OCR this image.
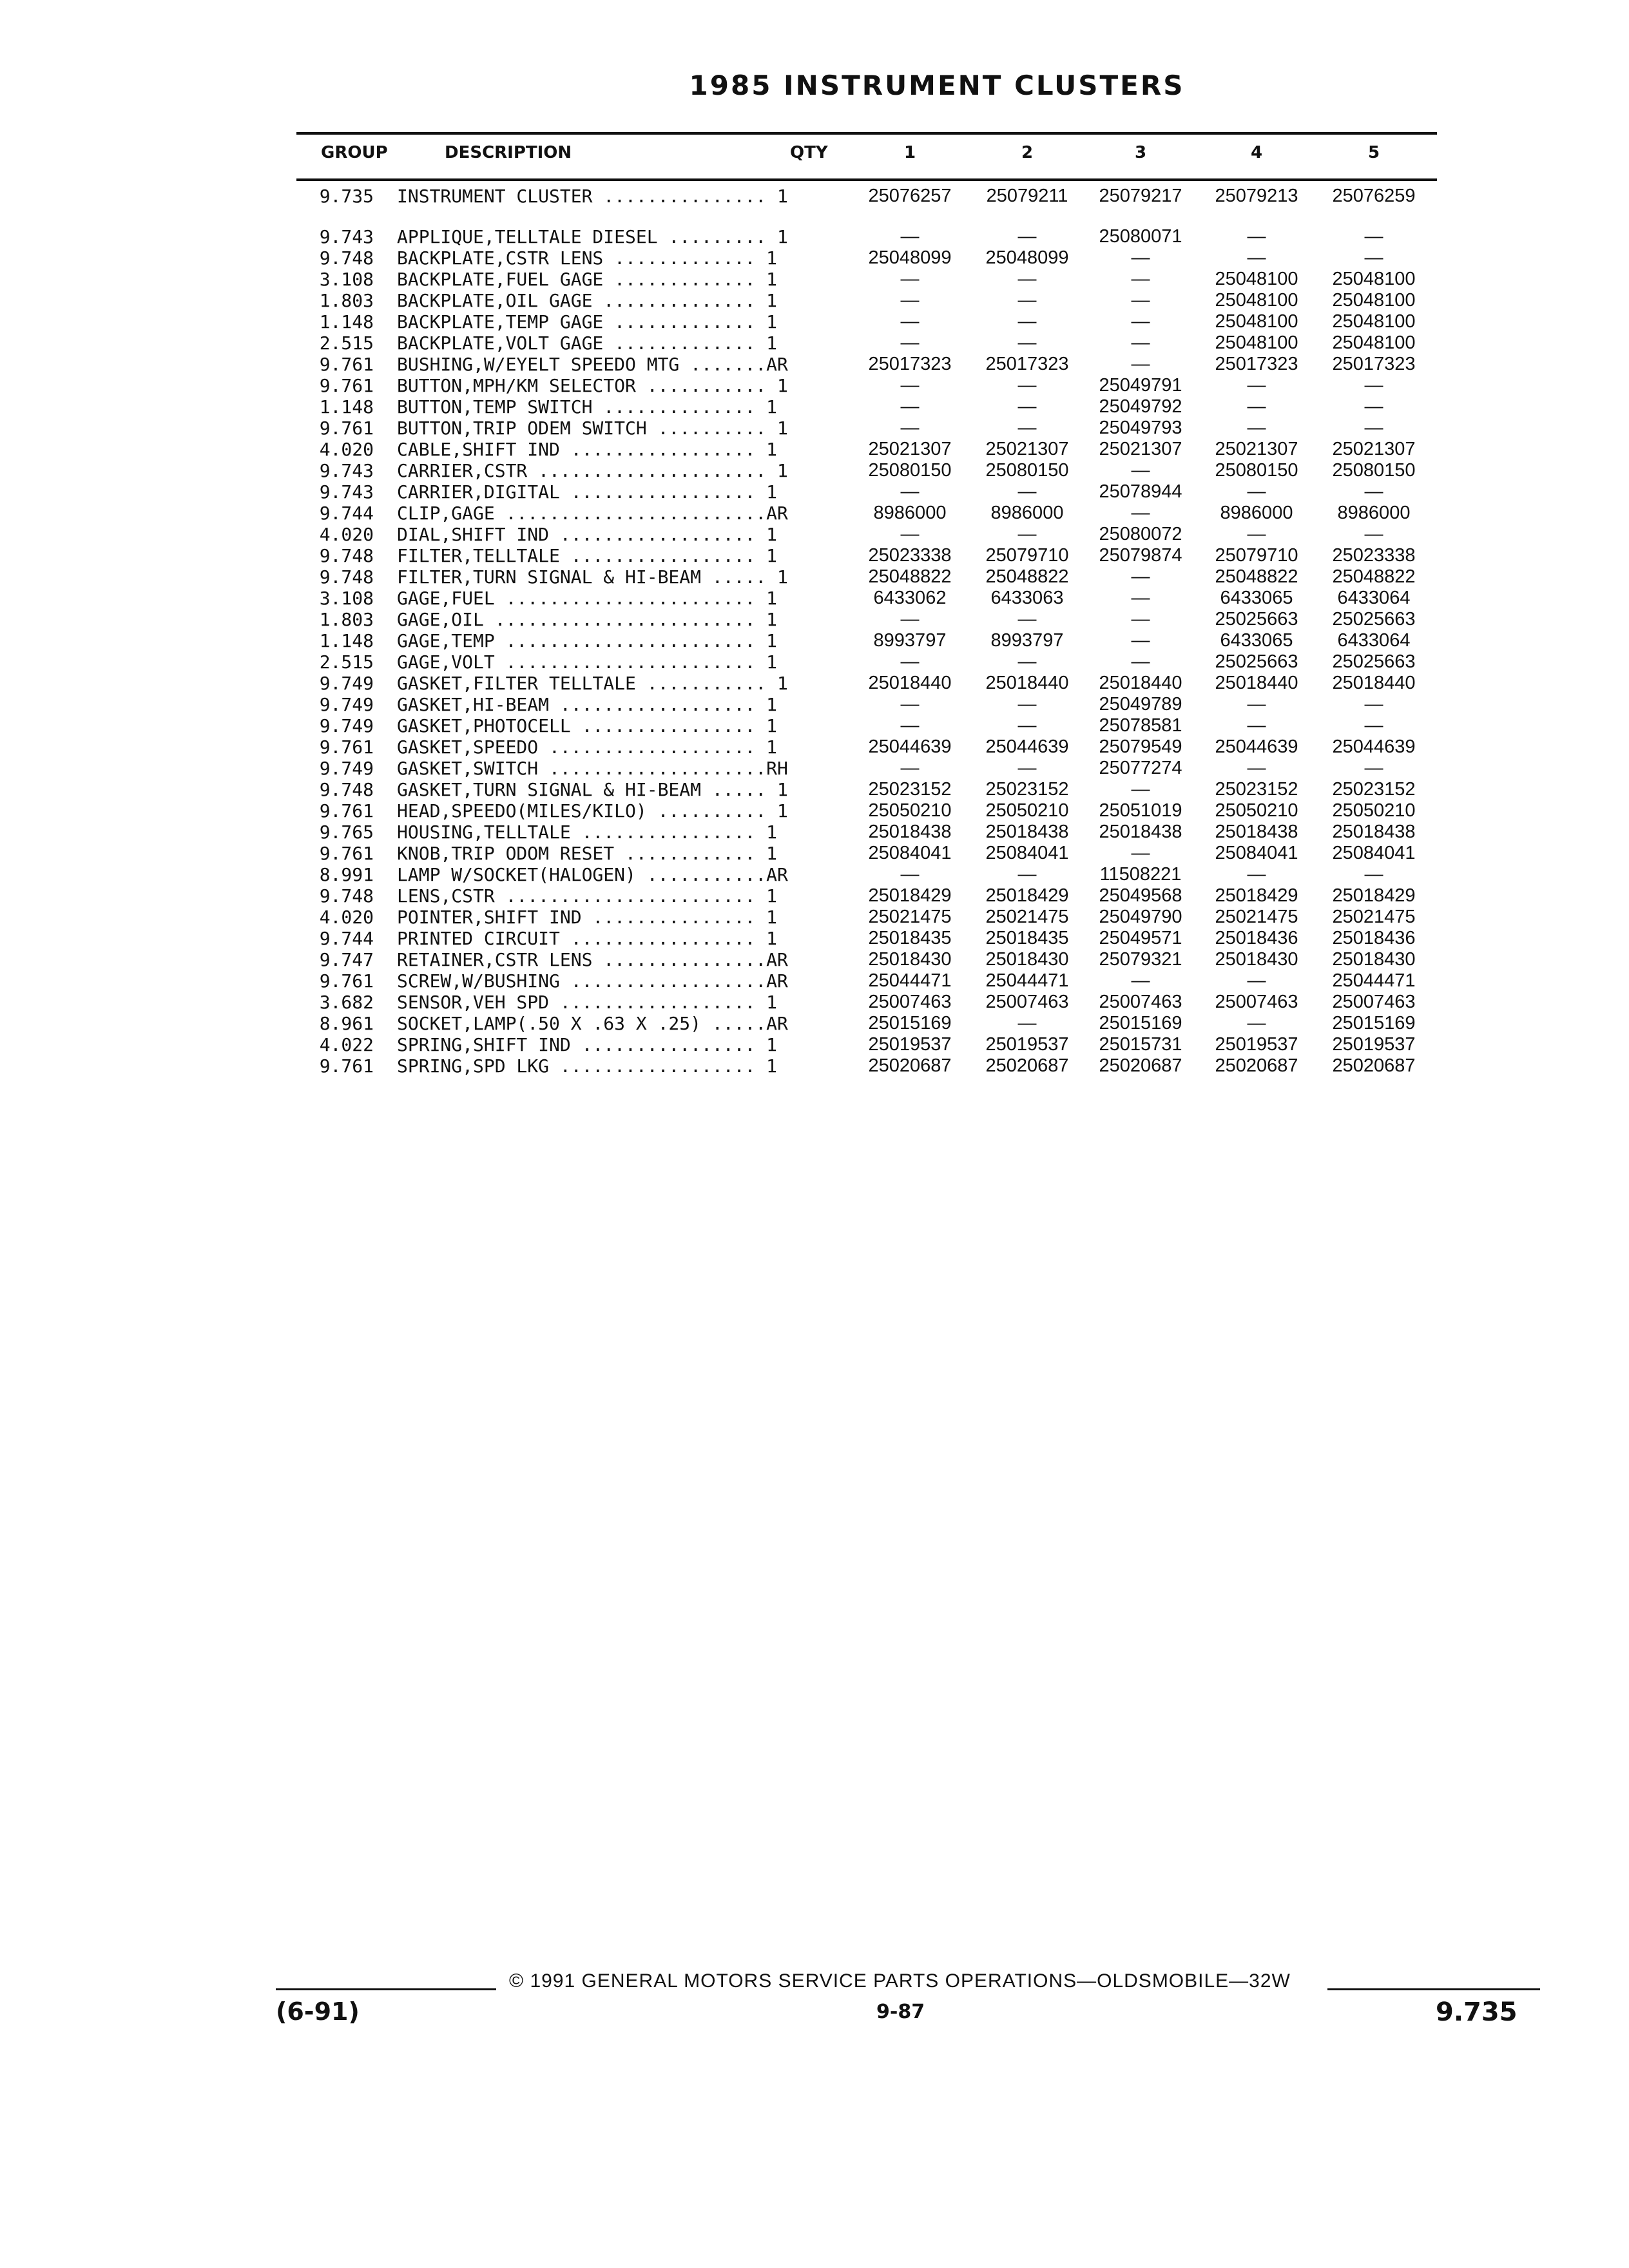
1985 INSTRUMENT CLUSTERS
GROUP	DESCRIPTION	QTY	1	2	3	4	5
9.735 INSTRUMENT CLUSTER ............... 1	25076257 25079211 25079217 25079213 25076259
9.743 APPLIQUE,TELLTALE DIESEL ......... 1	—	—	25080071	—	—
9.748 BACKPLATE,CSTR LENS ............. 1	25048099 25048099	—	—	—
3.108 BACKPLATE,FUEL GAGE ............. 1	—	—	—	25048100 25048100
1.803 BACKPLATE,OIL GAGE .............. 1	—	—	—	25048100 25048100
1.148 BACKPLATE,TEMP GAGE ............. 1	—	—	—	25048100 25048100
2.515 BACKPLATE,VOLT GAGE ............. 1	—	—	—	25048100 25048100
9.761 BUSHING,W/EYELT SPEEDO MTG .......AR	25017323 25017323	—	25017323 25017323
9.761 BUTTON,MPH/KM SELECTOR ........... 1	—	—	25049791	—	—
1.148 BUTTON,TEMP SWITCH .............. 1	—	—	25049792	—	—
9.761 BUTTON,TRIP ODEM SWITCH .......... 1	—	—	25049793	—	—
4.020 CABLE,SHIFT IND ................. 1	25021307 25021307 25021307 25021307 25021307
9.743 CARRIER,CSTR ..................... 1	25080150 25080150	—	25080150 25080150
9.743 CARRIER,DIGITAL ................. 1	—	—	25078944	—	—
9.744 CLIP,GAGE ........................AR	8986000 8986000	—	8986000 8986000
4.020 DIAL,SHIFT IND .................. 1	—	—	25080072	—	—
9.748 FILTER,TELLTALE ................. 1	25023338 25079710 25079874 25079710 25023338
9.748 FILTER,TURN SIGNAL & HI-BEAM ..... 1	25048822 25048822	—	25048822 25048822
3.108 GAGE,FUEL ....................... 1	6433062 6433063	—	6433065 6433064
1.803 GAGE,OIL ........................ 1	—	—	—	25025663 25025663
1.148 GAGE,TEMP ....................... 1	8993797 8993797	—	6433065 6433064
2.515 GAGE,VOLT ....................... 1	—	—	—	25025663 25025663
9.749 GASKET,FILTER TELLTALE ........... 1	25018440 25018440 25018440 25018440 25018440
9.749 GASKET,HI-BEAM .................. 1	—	—	25049789	—	—
9.749 GASKET,PHOTOCELL ................ 1	—	—	25078581	—	—
9.761 GASKET,SPEEDO ................... 1	25044639 25044639 25079549 25044639 25044639
9.749 GASKET,SWITCH ....................RH	—	—	25077274	—	—
9.748 GASKET,TURN SIGNAL & HI-BEAM ..... 1	25023152 25023152	—	25023152 25023152
9.761 HEAD,SPEEDO(MILES/KILO) .......... 1	25050210 25050210 25051019 25050210 25050210
9.765 HOUSING,TELLTALE ................ 1	25018438 25018438 25018438 25018438 25018438
9.761 KNOB,TRIP ODOM RESET ............ 1	25084041 25084041	—	25084041 25084041
8.991 LAMP W/SOCKET(HALOGEN) ...........AR	—	—	11508221	—	—
9.748 LENS,CSTR ....................... 1	25018429 25018429 25049568 25018429 25018429
4.020 POINTER,SHIFT IND ............... 1	25021475 25021475 25049790 25021475 25021475
9.744 PRINTED CIRCUIT ................. 1	25018435 25018435 25049571 25018436 25018436
9.747 RETAINER,CSTR LENS ...............AR	25018430 25018430 25079321 25018430 25018430
9.761 SCREW,W/BUSHING ..................AR	25044471 25044471	—	—	25044471
3.682 SENSOR,VEH SPD .................. 1	25007463 25007463 25007463 25007463 25007463
8.961 SOCKET,LAMP(.50 X .63 X .25) .....AR	25015169	—	25015169	—	25015169
4.022 SPRING,SHIFT IND ................ 1	25019537 25019537 25015731 25019537 25019537
9.761 SPRING,SPD LKG .................. 1	25020687 25020687 25020687 25020687 25020687
(6-91)
© 1991 GENERAL MOTORS SERVICE PARTS OPERATIONS—OLDSMOBILE—32W
9-87	9.735
